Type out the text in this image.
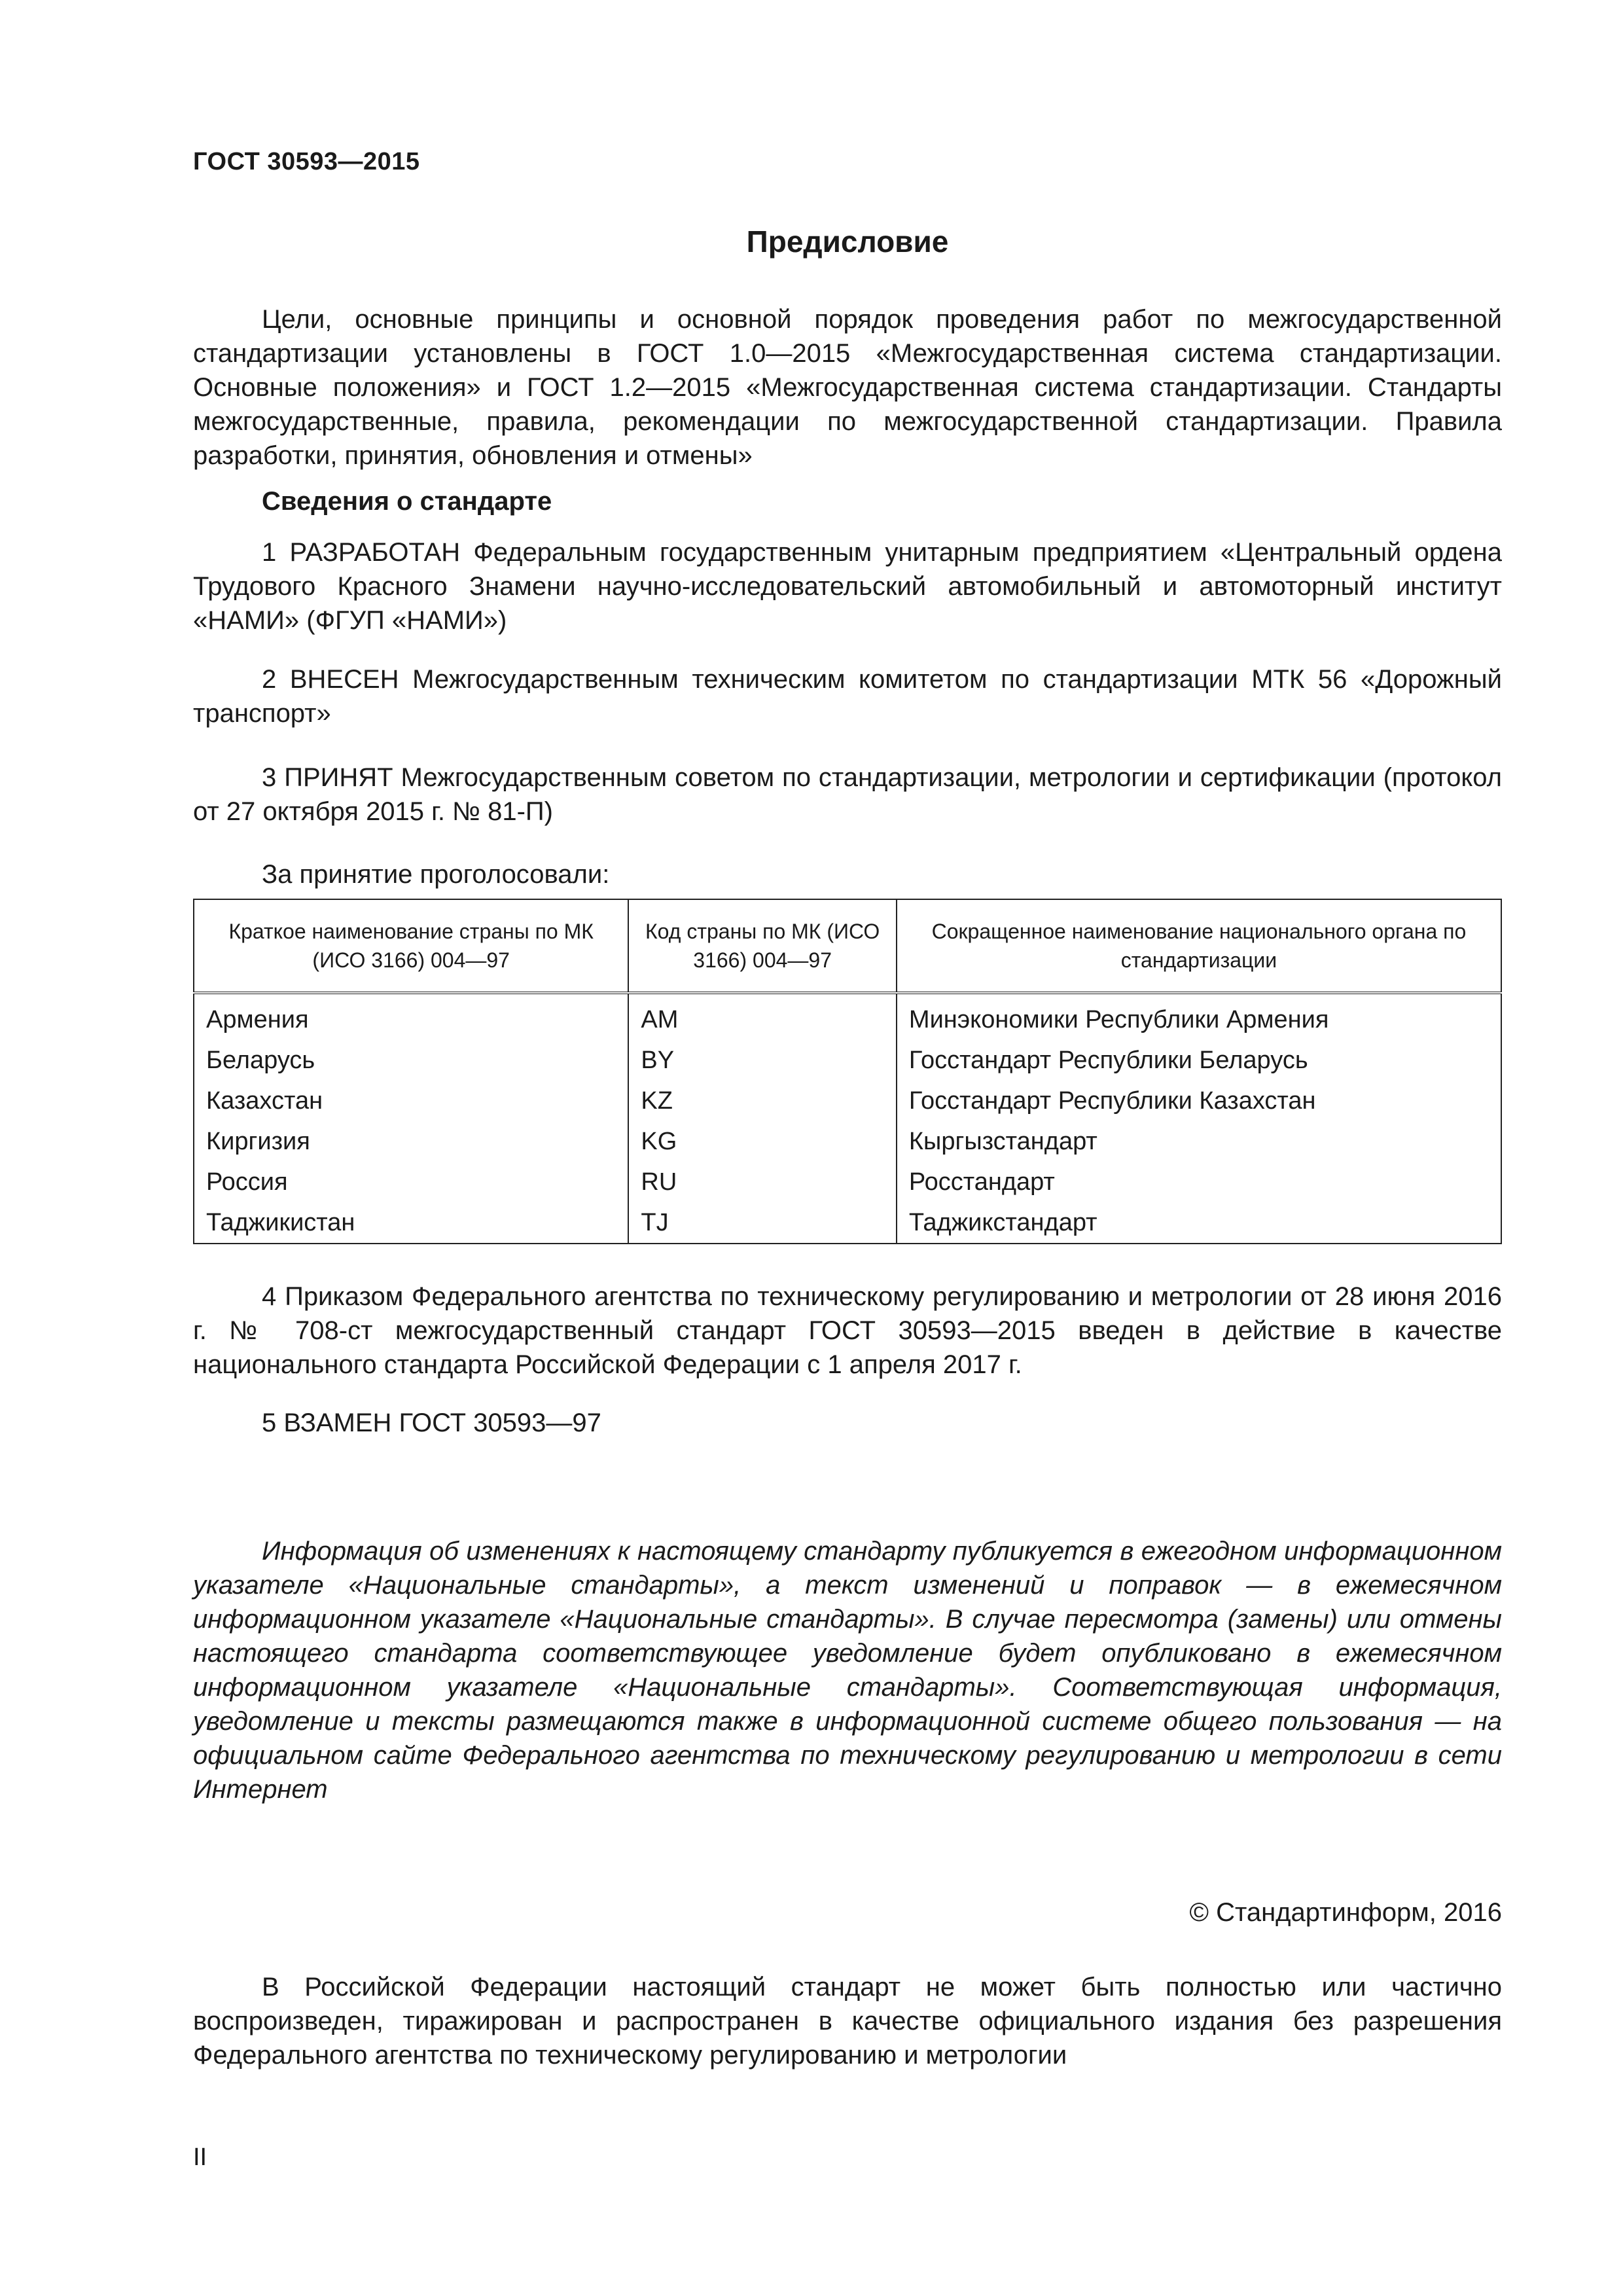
ГОСТ 30593—2015
Предисловие
Цели, основные принципы и основной порядок проведения работ по межгосударственной стандартизации установлены в ГОСТ 1.0—2015 «Межгосударственная система стандартизации. Основные положения» и ГОСТ 1.2—2015 «Межгосударственная система стандартизации. Стандарты межгосударственные, правила, рекомендации по межгосударственной стандартизации. Правила разработки, принятия, обновления и отмены»
Сведения о стандарте
1 РАЗРАБОТАН Федеральным государственным унитарным предприятием «Центральный ордена Трудового Красного Знамени научно-исследовательский автомобильный и автомоторный институт «НАМИ» (ФГУП «НАМИ»)
2 ВНЕСЕН Межгосударственным техническим комитетом по стандартизации МТК 56 «Дорожный транспорт»
3 ПРИНЯТ Межгосударственным советом по стандартизации, метрологии и сертификации (протокол от 27 октября 2015 г. № 81-П)
За принятие проголосовали:
Краткое наименование страны по МК (ИСО 3166) 004—97	Код страны по МК (ИСО 3166) 004—97	Сокращенное наименование национального органа по стандартизации
Армения	AM	Минэкономики Республики Армения
Беларусь	BY	Госстандарт Республики Беларусь
Казахстан	KZ	Госстандарт Республики Казахстан
Киргизия	KG	Кыргызстандарт
Россия	RU	Росстандарт
Таджикистан	TJ	Таджикстандарт
4 Приказом Федерального агентства по техническому регулированию и метрологии от 28 июня 2016 г. № 708-ст межгосударственный стандарт ГОСТ 30593—2015 введен в действие в качестве национального стандарта Российской Федерации с 1 апреля 2017 г.
5 ВЗАМЕН ГОСТ 30593—97
Информация об изменениях к настоящему стандарту публикуется в ежегодном информационном указателе «Национальные стандарты», а текст изменений и поправок — в ежемесячном информационном указателе «Национальные стандарты». В случае пересмотра (замены) или отмены настоящего стандарта соответствующее уведомление будет опубликовано в ежемесячном информационном указателе «Национальные стандарты». Соответствующая информация, уведомление и тексты размещаются также в информационной системе общего пользования — на официальном сайте Федерального агентства по техническому регулированию и метрологии в сети Интернет
© Стандартинформ, 2016
В Российской Федерации настоящий стандарт не может быть полностью или частично воспроизведен, тиражирован и распространен в качестве официального издания без разрешения Федерального агентства по техническому регулированию и метрологии
II
